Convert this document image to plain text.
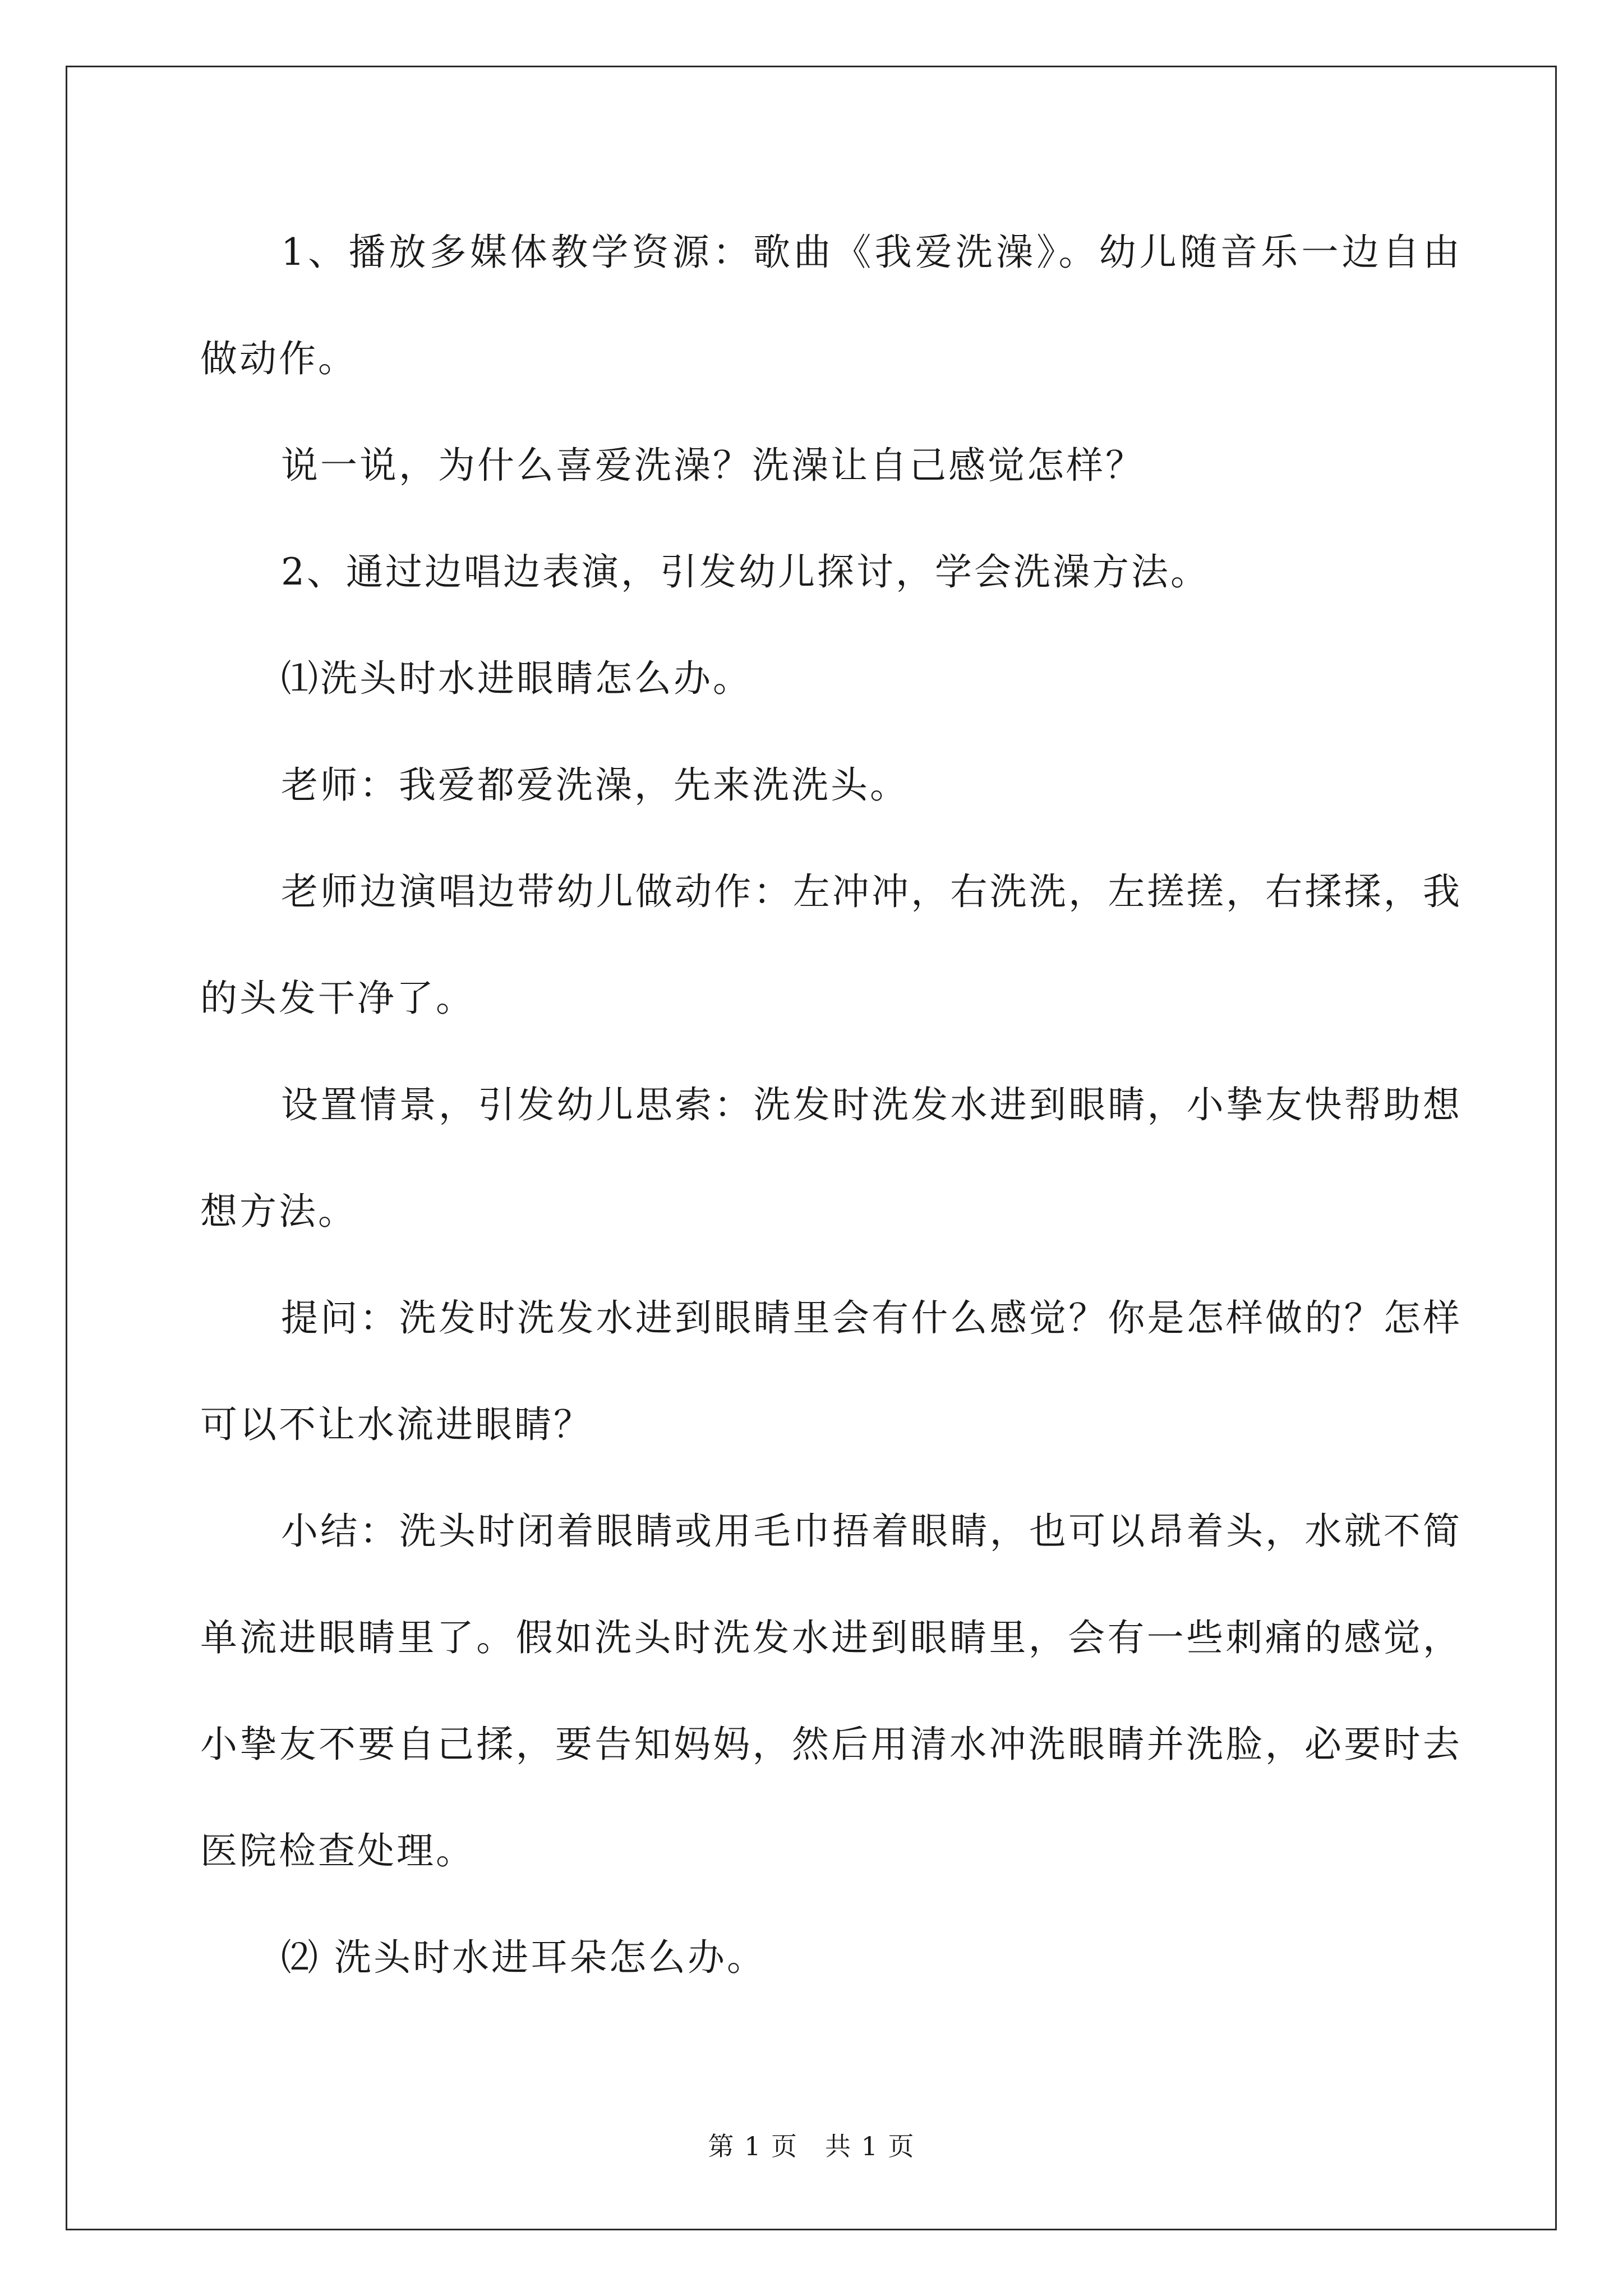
1、播放多媒体教学资源：歌曲《我爱洗澡》。幼儿随音乐一边自由做动作。

说一说，为什么喜爱洗澡？洗澡让自己感觉怎样？

2、通过边唱边表演，引发幼儿探讨，学会洗澡方法。

⑴洗头时水进眼睛怎么办。

老师：我爱都爱洗澡，先来洗洗头。

老师边演唱边带幼儿做动作：左冲冲，右洗洗，左搓搓，右揉揉，我的头发干净了。

设置情景，引发幼儿思索：洗发时洗发水进到眼睛，小挚友快帮助想想方法。

提问：洗发时洗发水进到眼睛里会有什么感觉？你是怎样做的？怎样可以不让水流进眼睛？

小结：洗头时闭着眼睛或用毛巾捂着眼睛，也可以昂着头，水就不简单流进眼睛里了。假如洗头时洗发水进到眼睛里，会有一些刺痛的感觉，小挚友不要自己揉，要告知妈妈，然后用清水冲洗眼睛并洗脸，必要时去医院检查处理。

⑵ 洗头时水进耳朵怎么办。

第 1 页　共 1 页
